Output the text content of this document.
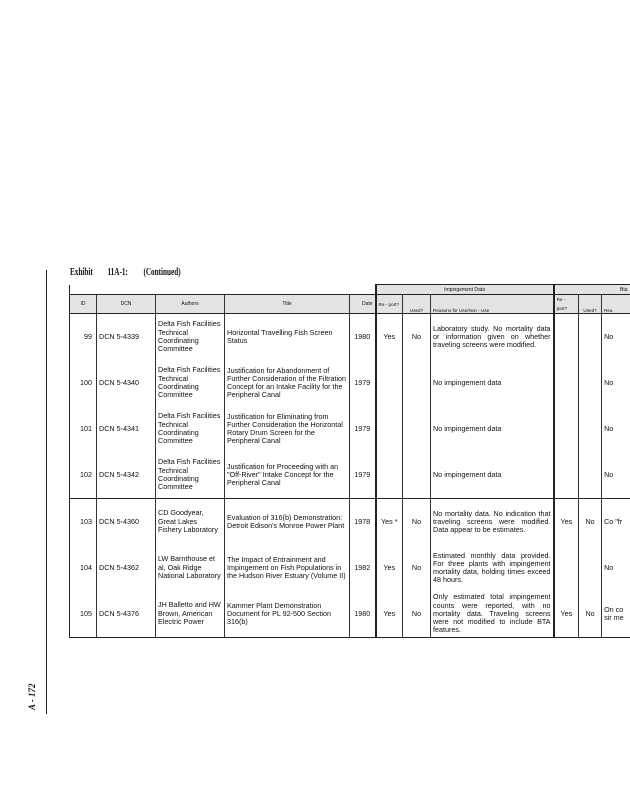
A - 172
Exhibit 11A-1: (Continued)
					Impingement Data			Bta		
ID	DCN	Authors	Title	Date	Re - port?	Used?	Reasons for Use/Non - Use	Re - port?	Used?	Rea

99	DCN 5-4339	Delta Fish Facilities Technical Coordinating Committee	Horizontal Travelling Fish Screen Status	1980	Yes	No	Laboratory study. No mortality data or information given on whether traveling screens were modified.			No
100	DCN 5-4340	Delta Fish Facilities Technical Coordinating Committee	Justification for Abandonment of Further Consideration of the Filtration Concept for an Intake Facility for the Peripheral Canal	1979			No impingement data			No
101	DCN 5-4341	Delta Fish Facilities Technical Coordinating Committee	Justification for Eliminating from Further Consideration the Horizontal Rotary Drum Screen for the Peripheral Canal	1979			No impingement data			No
102	DCN 5-4342	Delta Fish Facilities Technical Coordinating Committee	Justification for Proceeding with an "Off-River" Intake Concept for the Peripheral Canal	1979			No impingement data			No
103	DCN 5-4360	CD Goodyear, Great Lakes Fishery Laboratory	Evaluation of 316(b) Demonstration: Detroit Edison's Monroe Power Plant	1978	Yes *	No	No mortality data. No indication that traveling screens were modified. Data appear to be estimates.	Yes	No	Co "fr
104	DCN 5-4362	LW Barnthouse et al, Oak Ridge National Laboratory	The Impact of Entrainment and Impingement on Fish Populations in the Hudson River Estuary (Volume II)	1982	Yes	No	Estimated monthly data provided. For three plants with impingement mortality data, holding times exceed 48 hours.			No
105	DCN 5-4376	JH Balletto and HW Brown, American Electric Power	Kammer Plant Demonstration Document for PL 92-500 Section 316(b)	1980	Yes	No	Only estimated total impingement counts were reported, with no mortality data. Traveling screens were not modified to include BTA features.	Yes	No	On co sir me
